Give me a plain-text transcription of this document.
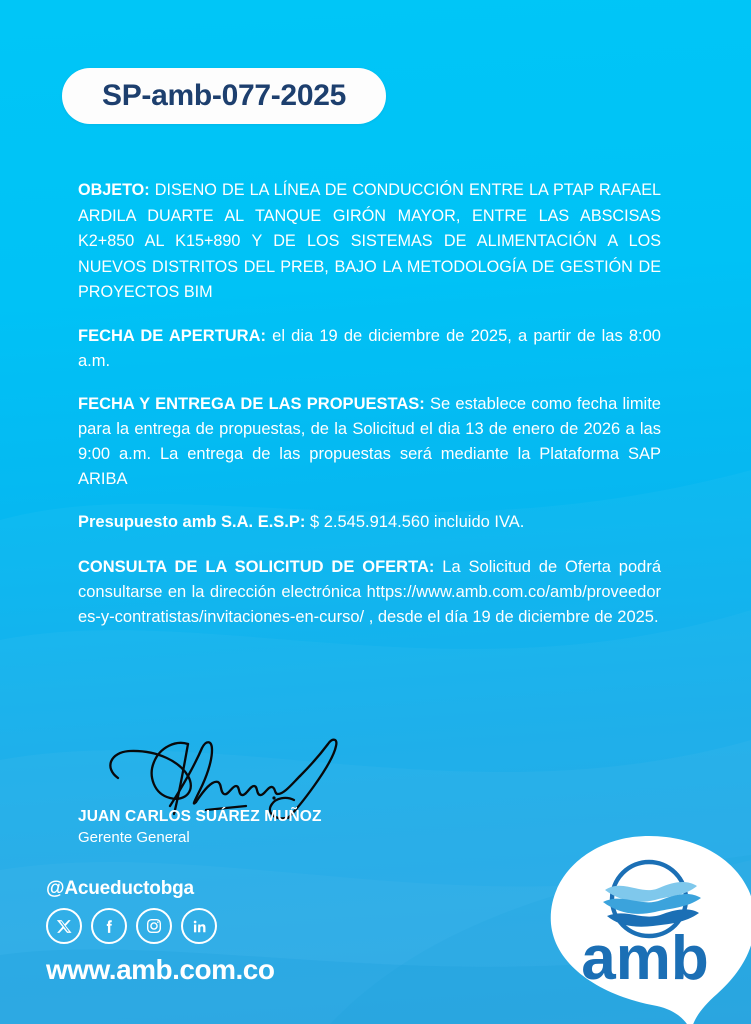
SP-amb-077-2025

OBJETO: DISENO DE LA LÍNEA DE CONDUCCIÓN ENTRE LA PTAP RAFAEL ARDILA DUARTE AL TANQUE GIRÓN MAYOR, ENTRE LAS ABSCISAS K2+850 AL K15+890 Y DE LOS SISTEMAS DE ALIMENTACIÓN A LOS NUEVOS DISTRITOS DEL PREB, BAJO LA METODOLOGÍA DE GESTIÓN DE PROYECTOS BIM

FECHA DE APERTURA: el dia 19 de diciembre de 2025, a partir de las 8:00 a.m.

FECHA Y ENTREGA DE LAS PROPUESTAS: Se establece como fecha limite para la entrega de propuestas, de la Solicitud el dia 13 de enero de 2026 a las 9:00 a.m. La entrega de las propuestas será mediante la Plataforma SAP ARIBA

Presupuesto amb S.A. E.S.P: $ 2.545.914.560 incluido IVA.

CONSULTA DE LA SOLICITUD DE OFERTA: La Solicitud de Oferta podrá consultarse en la dirección electrónica https://www.amb.com.co/amb/proveedores-y-contratistas/invitaciones-en-curso/ , desde el día 19 de diciembre de 2025.

JUAN CARLOS SUÁREZ MUÑOZ
Gerente General
@Acueductobga
www.amb.com.co	amb
